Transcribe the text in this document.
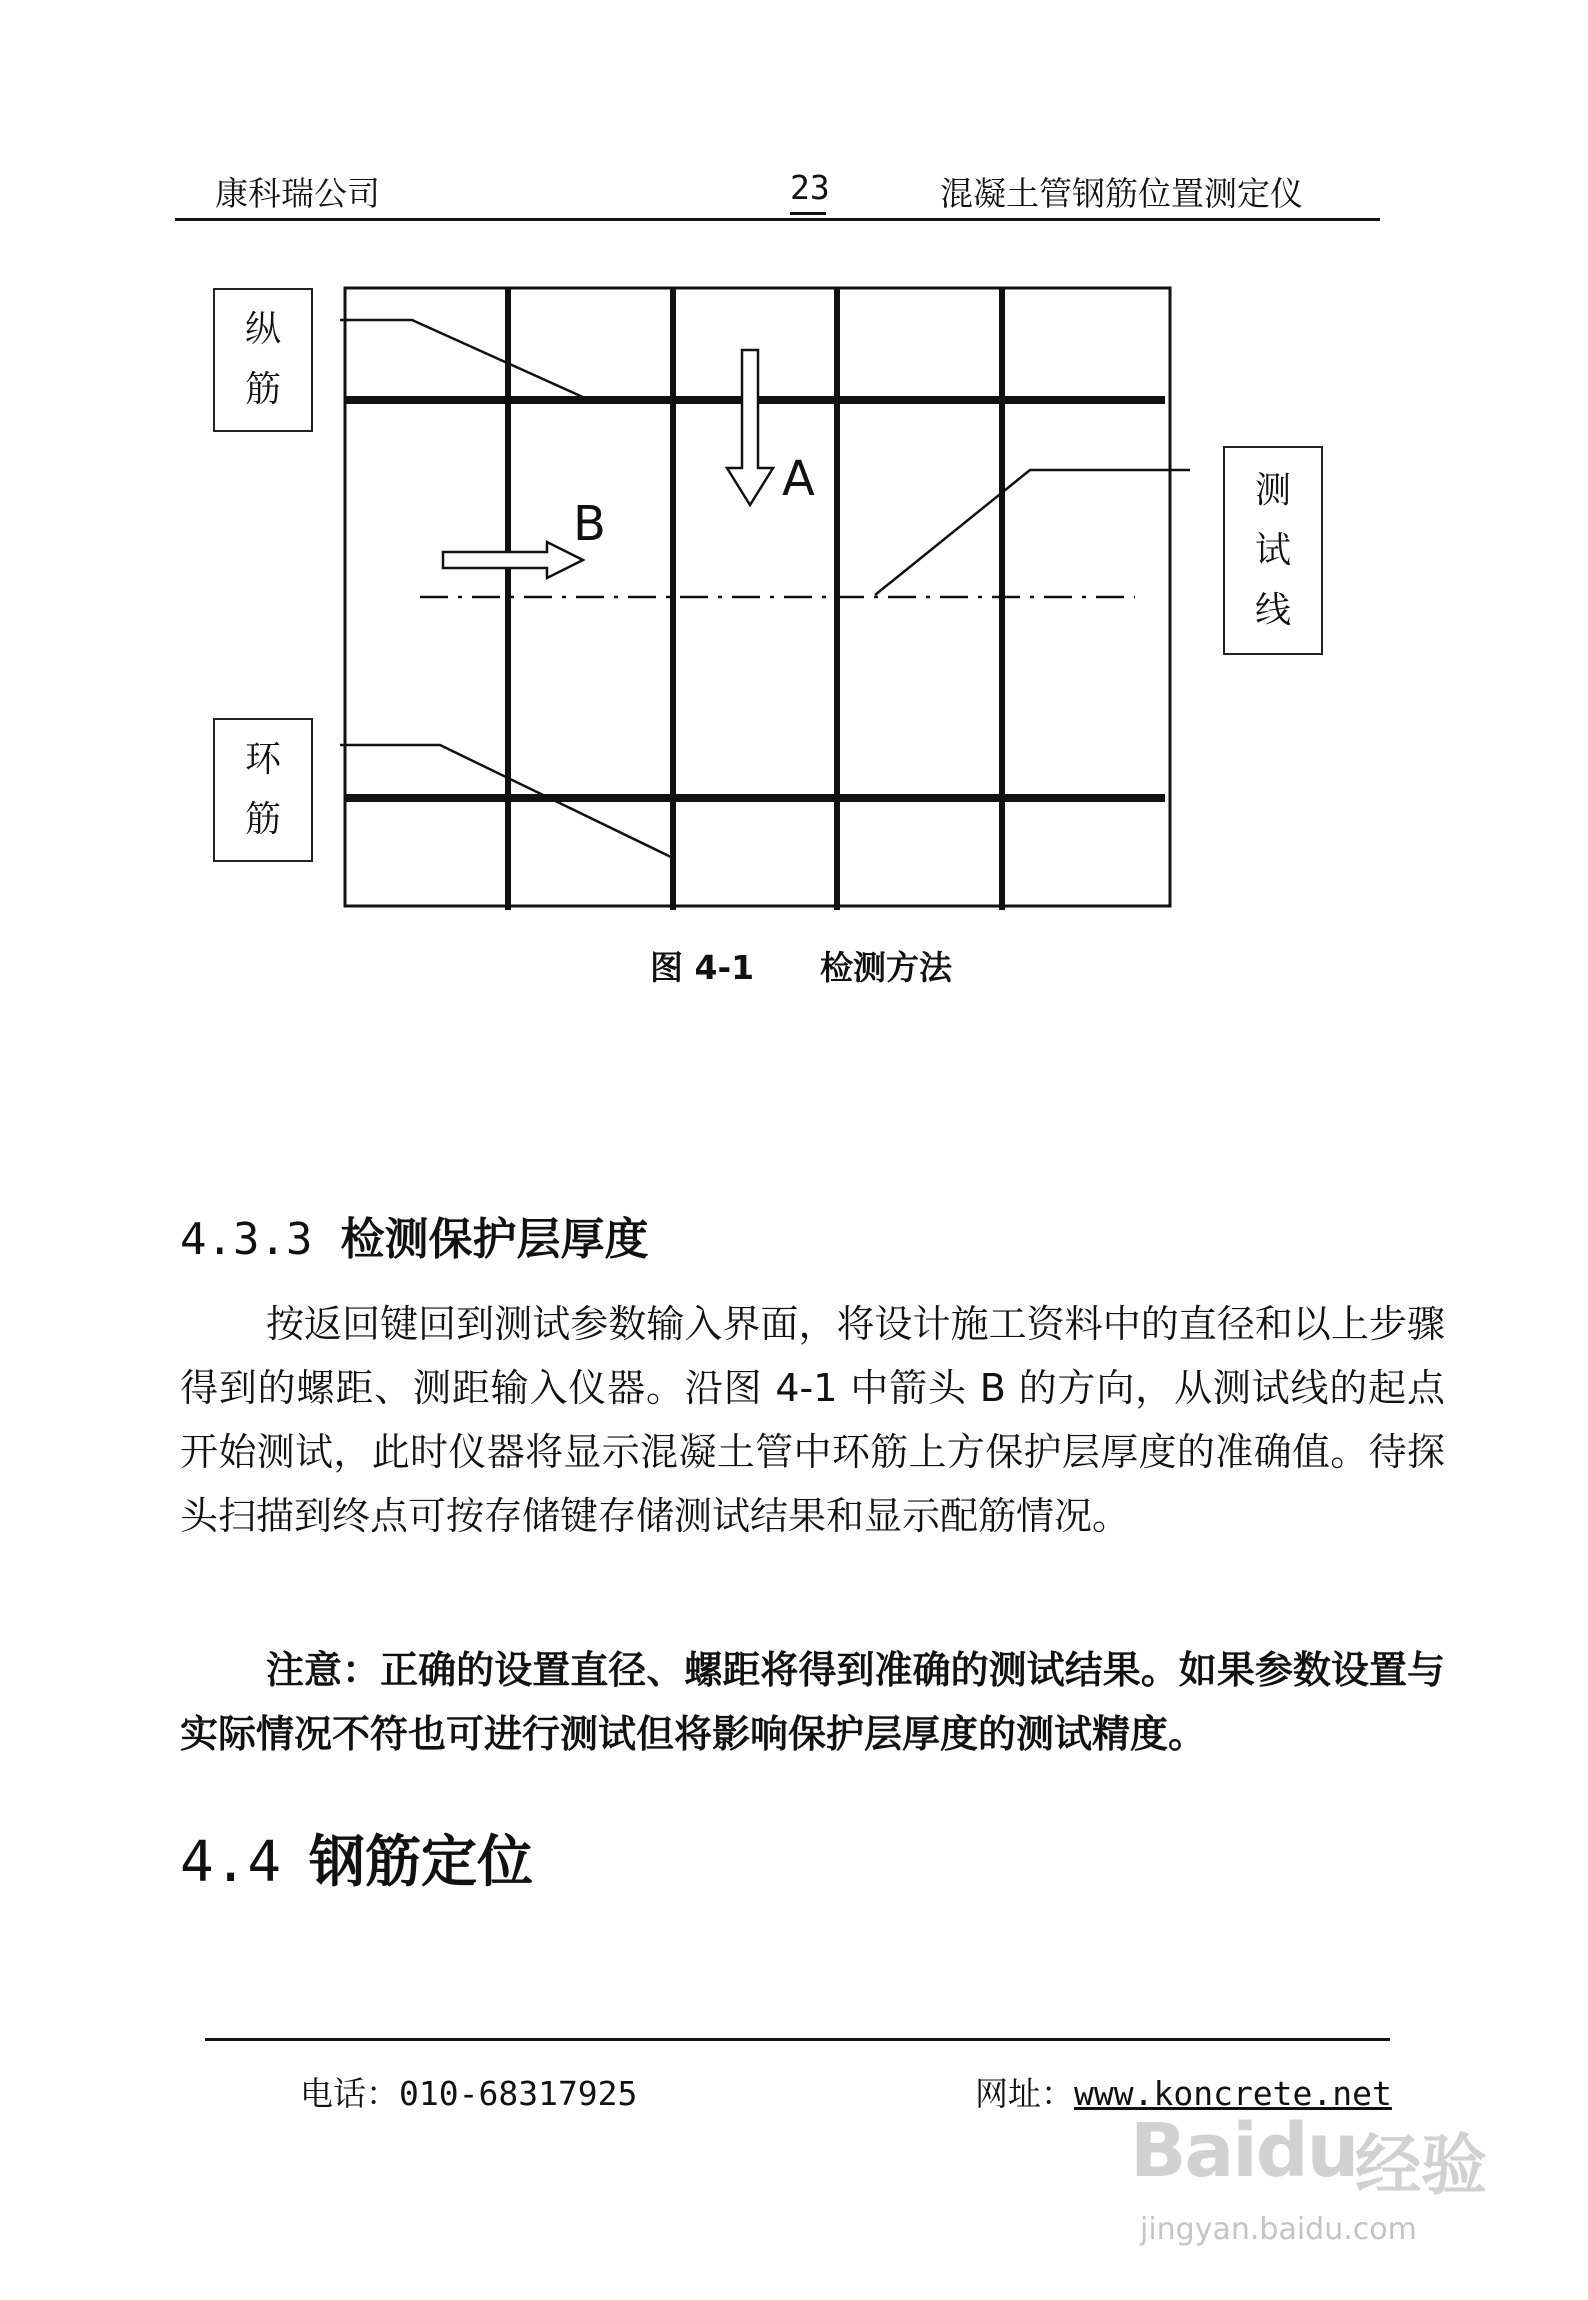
康科瑞公司	23	混凝土管钢筋位置测定仪
A
B
纵
筋
测
试
线
环
筋
图 4-1 检测方法
4.3.3 检测保护层厚度

按返回键回到测试参数输入界面，将设计施工资料中的直径和以上步骤得到的螺距、测距输入仪器。沿图 4-1 中箭头 B 的方向，从测试线的起点开始测试，此时仪器将显示混凝土管中环筋上方保护层厚度的准确值。待探头扫描到终点可按存储键存储测试结果和显示配筋情况。

注意：正确的设置直径、螺距将得到准确的测试结果。如果参数设置与实际情况不符也可进行测试但将影响保护层厚度的测试精度。

4.4 钢筋定位
电话：010-68317925	网址：www.koncrete.net
Baidu
经验
jingyan.baidu.com
